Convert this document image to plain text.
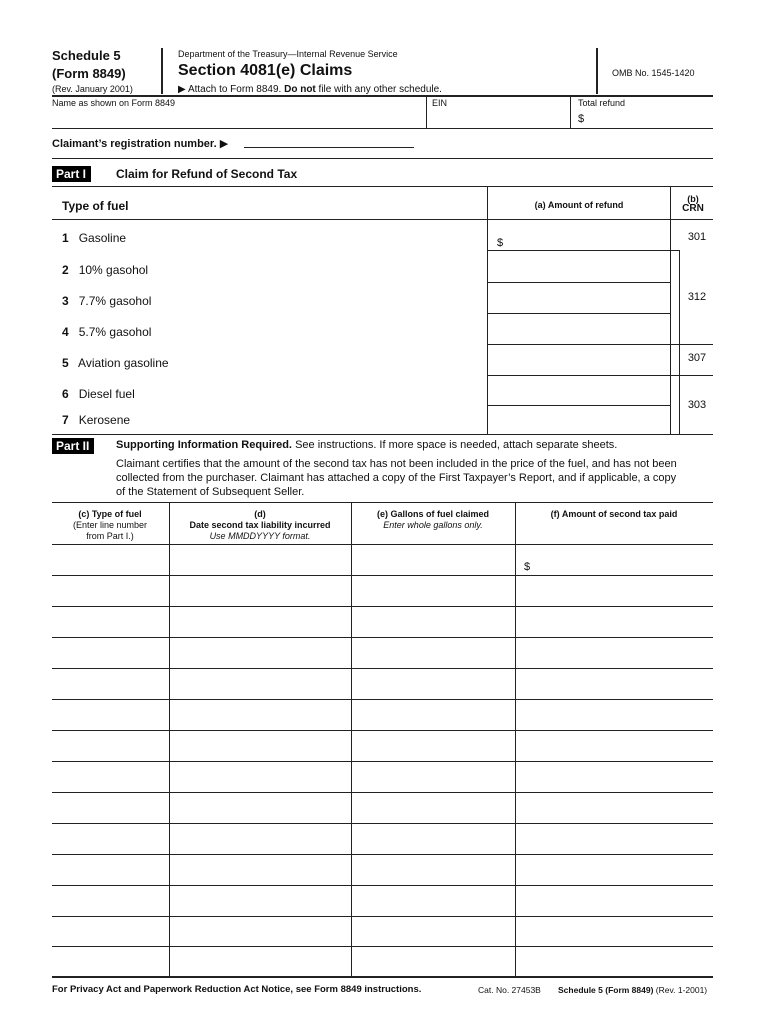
Schedule 5
(Form 8849)
(Rev. January 2001)
Department of the Treasury—Internal Revenue Service
Section 4081(e) Claims
▶ Attach to Form 8849. Do not file with any other schedule.
OMB No. 1545-1420
Name as shown on Form 8849	EIN	Total refund
$
Claimant’s registration number. ▶
Part I	Claim for Refund of Second Tax
Type of fuel	(a) Amount of refund
(b)
CRN
1 Gasoline	$	301
2 10% gasohol
3 7.7% gasohol	312
4 5.7% gasohol
5 Aviation gasoline	307
6 Diesel fuel
303
7 Kerosene
Part II	Supporting Information Required. See instructions. If more space is needed, attach separate sheets.
Claimant certifies that the amount of the second tax has not been included in the price of the fuel, and has not been
collected from the purchaser. Claimant has attached a copy of the First Taxpayer’s Report, and if applicable, a copy
of the Statement of Subsequent Seller.
(c) Type of fuel
(Enter line number
from Part I.)
(d)
Date second tax liability incurred
Use MMDDYYYY format.
(e) Gallons of fuel claimed
Enter whole gallons only.
(f) Amount of second tax paid
$
For Privacy Act and Paperwork Reduction Act Notice, see Form 8849 instructions.	Cat. No. 27453B Schedule 5 (Form 8849) (Rev. 1-2001)
